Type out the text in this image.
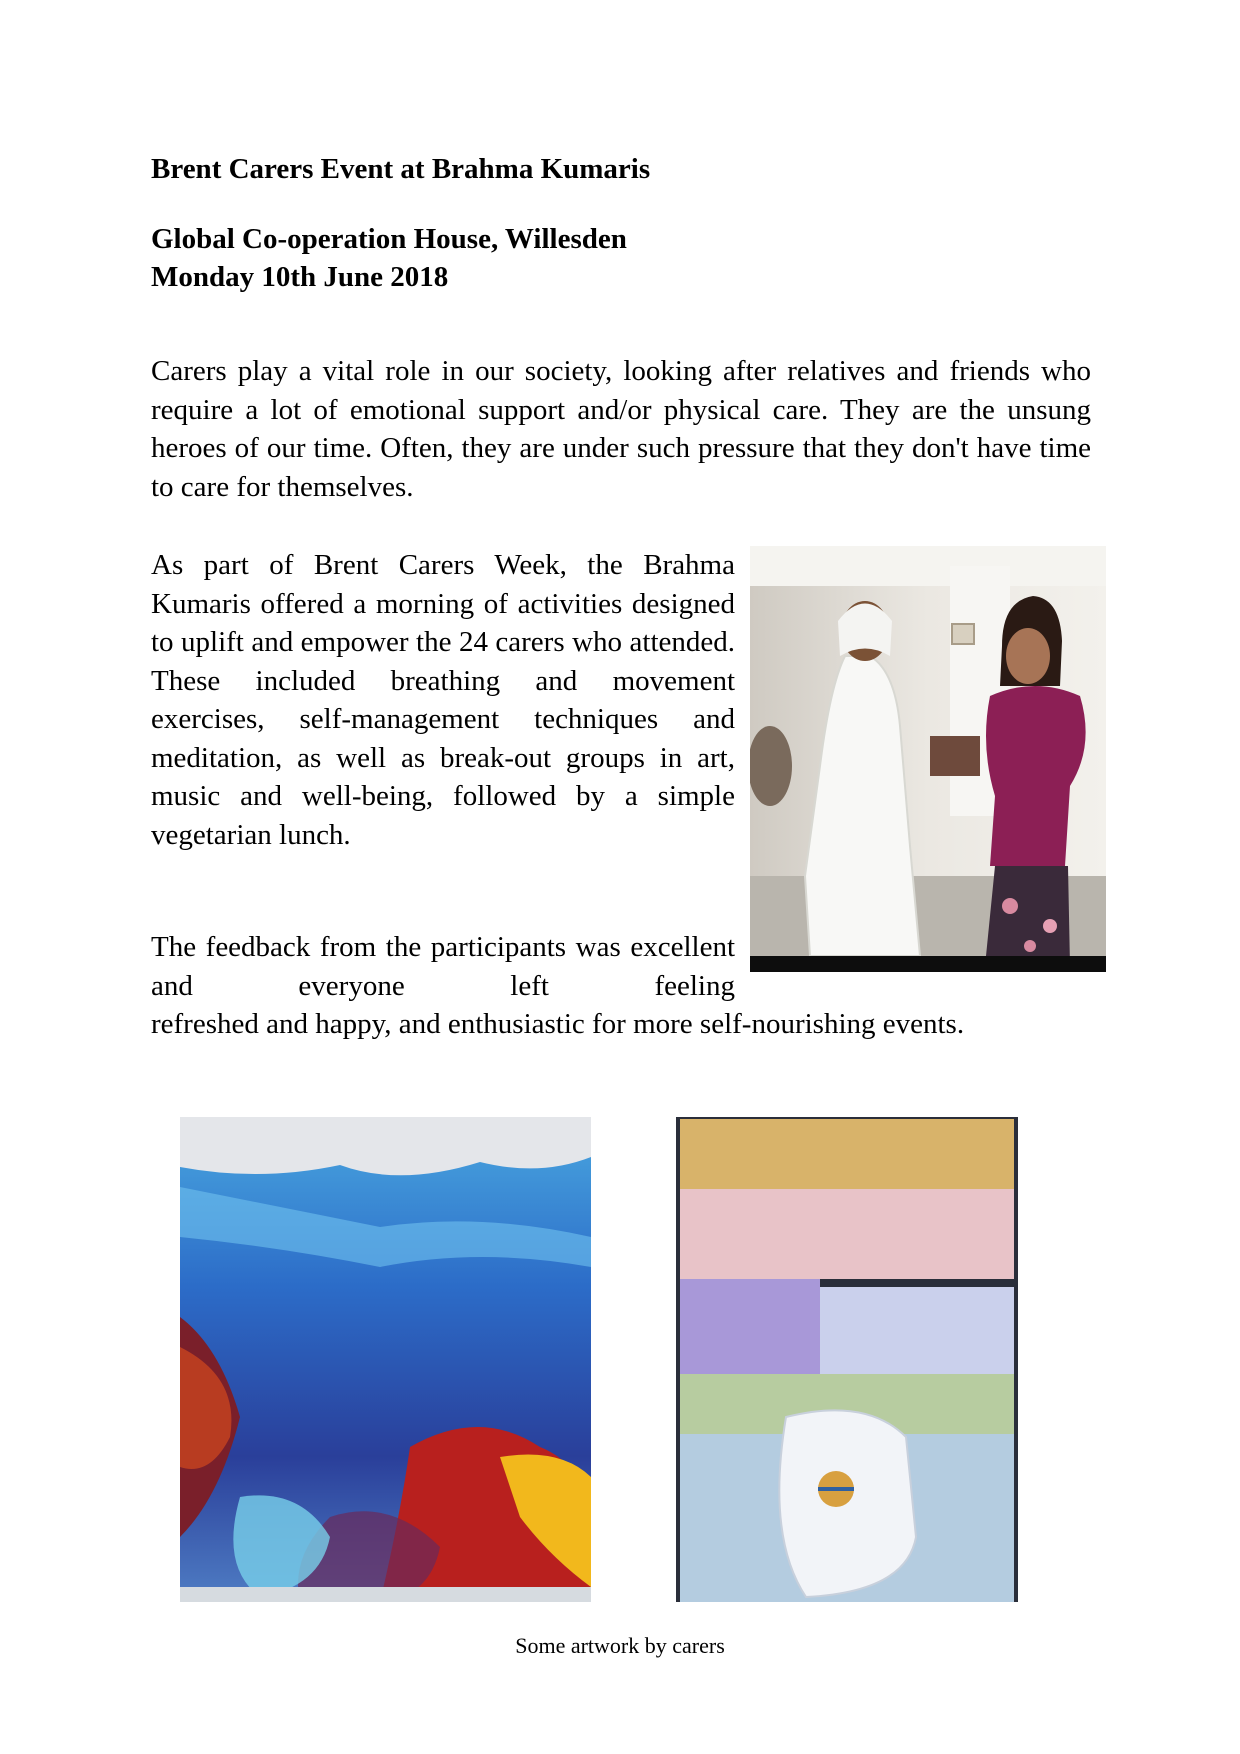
Brent Carers Event at Brahma Kumaris
Global Co-operation House, Willesden
Monday 10th June 2018

Carers play a vital role in our society, looking after relatives and friends who require a lot of emotional support and/or physical care. They are the unsung heroes of our time. Often, they are under such pressure that they don't have time to care for themselves.

As part of Brent Carers Week, the Brahma Kumaris offered a morning of activities designed to uplift and empower the 24 carers who attended. These included breathing and movement exercises, self-management techniques and meditation, as well as break-out groups in art, music and well-being, followed by a simple vegetarian lunch.

The feedback from the participants was excellent and everyone left feeling
refreshed and happy, and enthusiastic for more self-nourishing events.

Some artwork by carers
